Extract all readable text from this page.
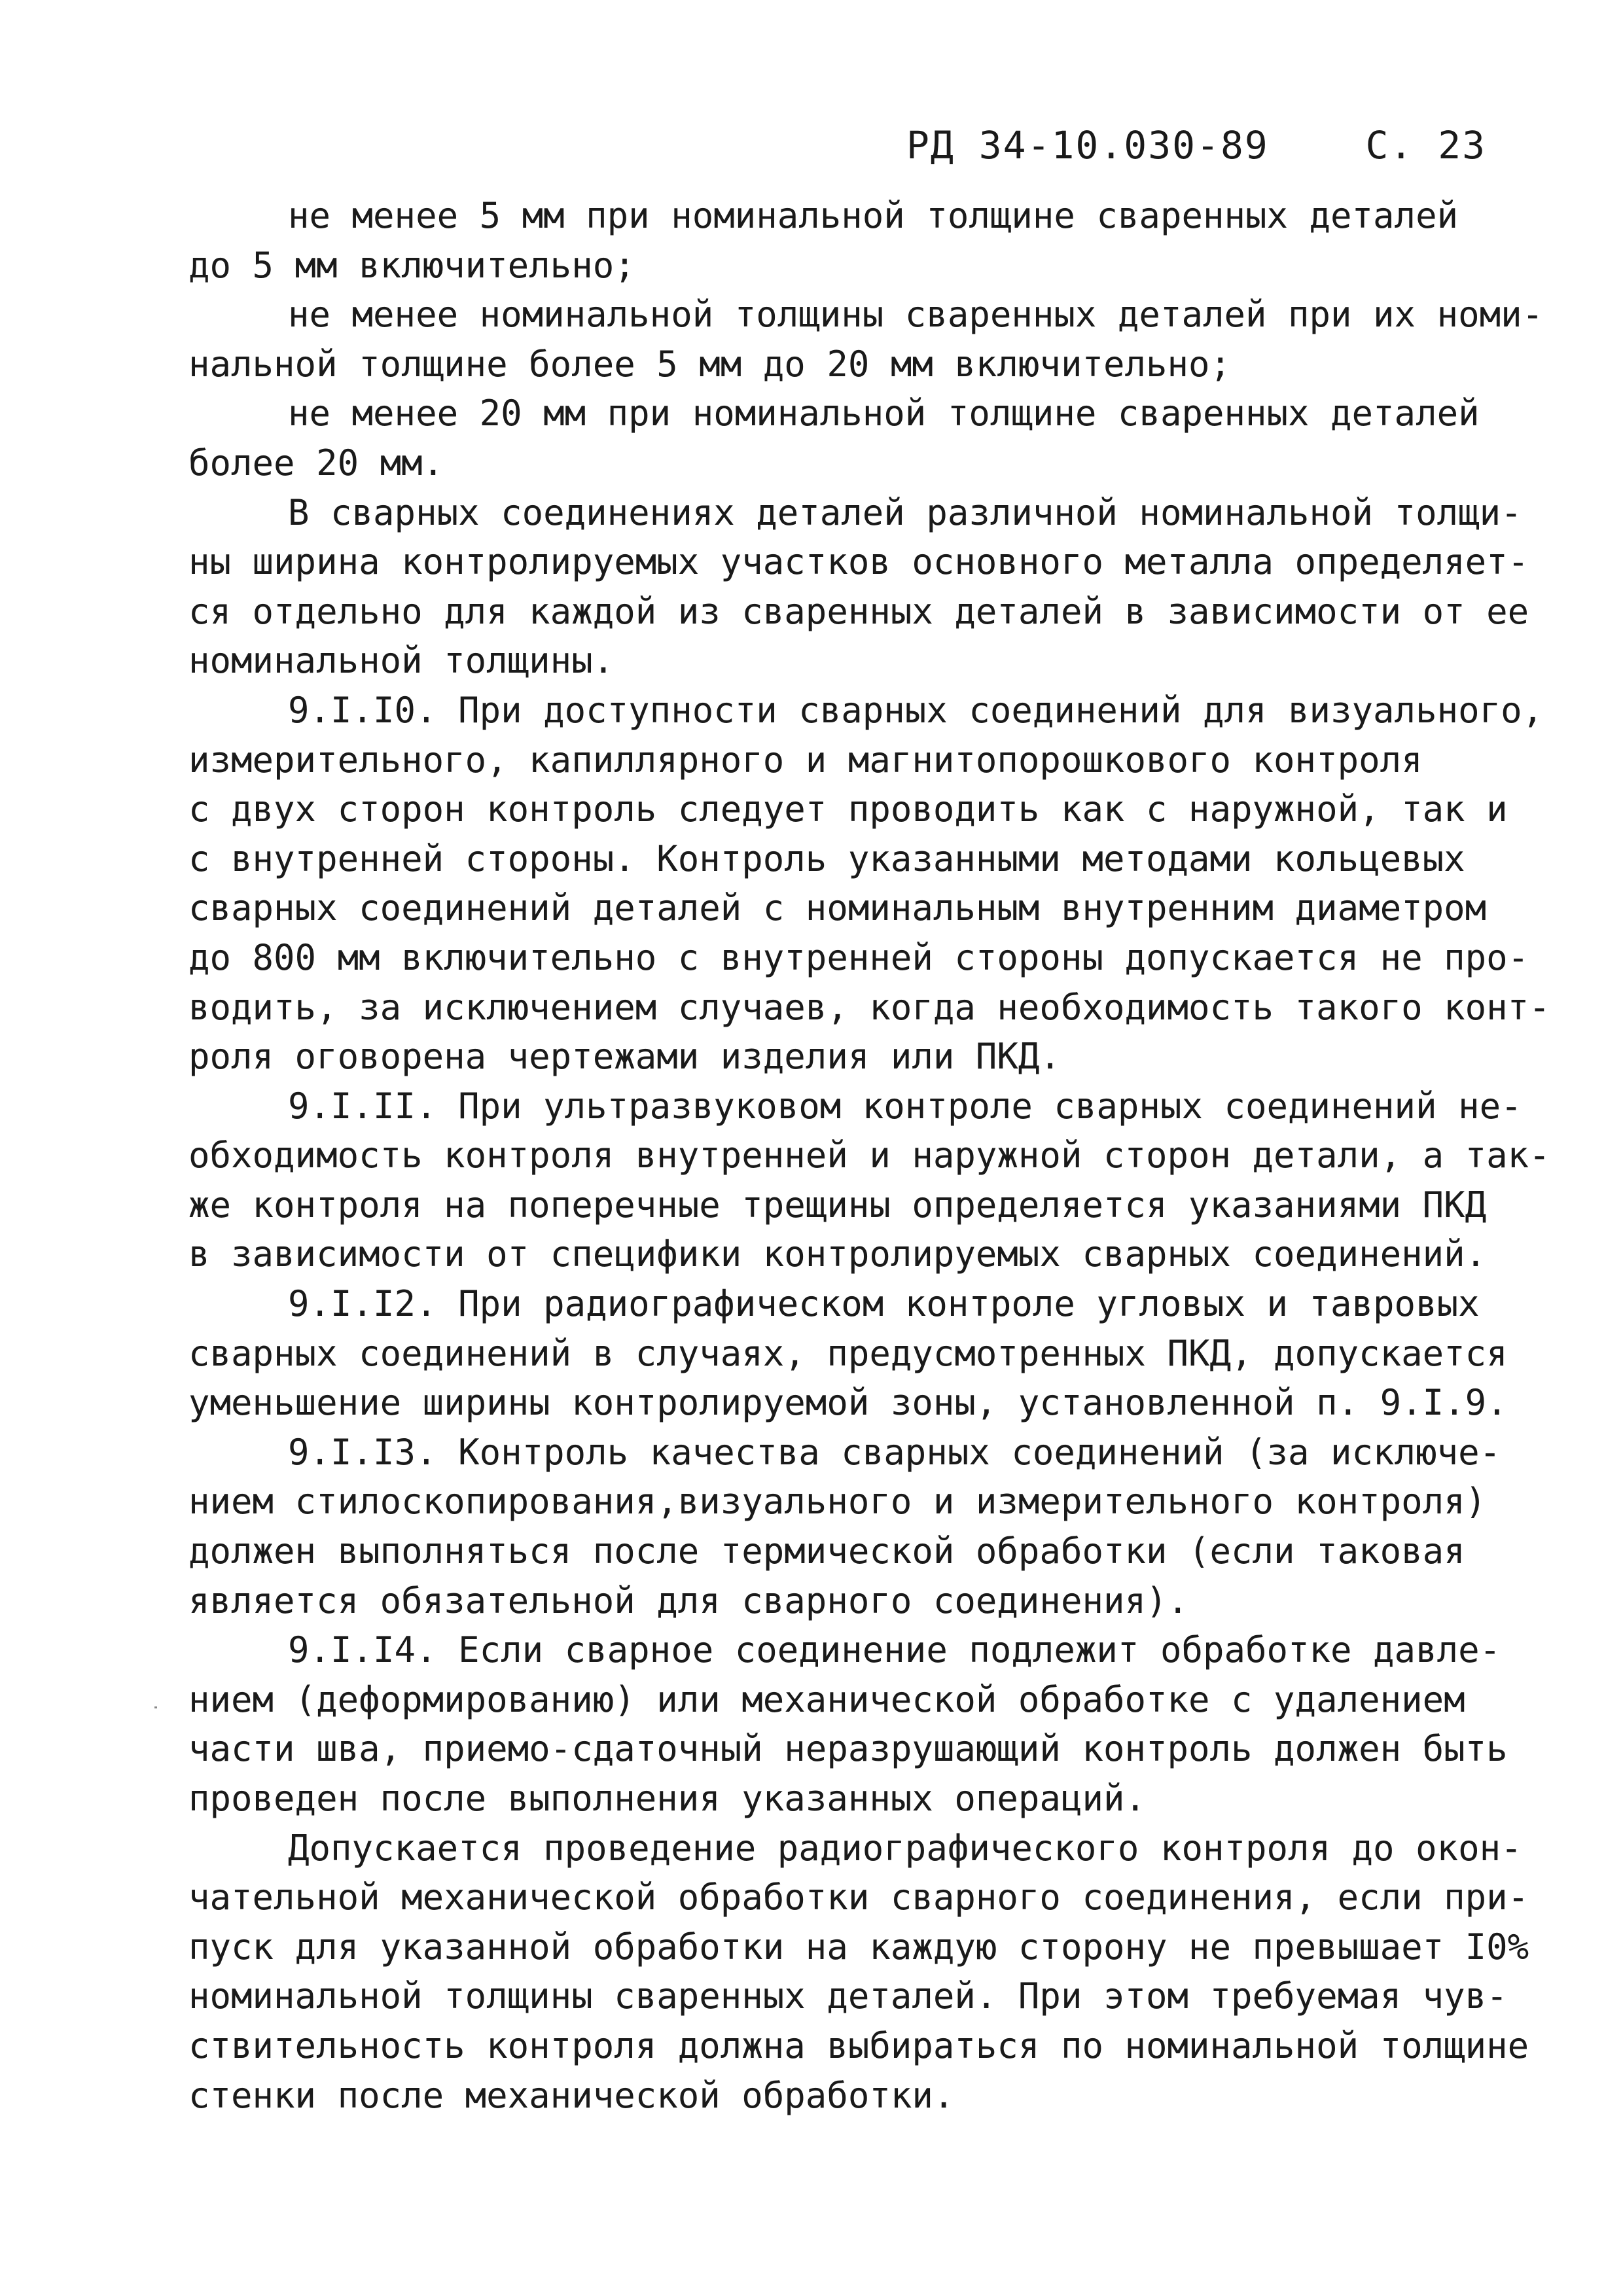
РД 34-10.030-89	С. 23
не менее 5 мм при номинальной толщине сваренных деталей
до 5 мм включительно;
не менее номинальной толщины сваренных деталей при их номи-
нальной толщине более 5 мм до 20 мм включительно;
не менее 20 мм при номинальной толщине сваренных деталей
более 20 мм.
В сварных соединениях деталей различной номинальной толщи-
ны ширина контролируемых участков основного металла определяет-
ся отдельно для каждой из сваренных деталей в зависимости от ее
номинальной толщины.
9.I.I0. При доступности сварных соединений для визуального,
измерительного, капиллярного и магнитопорошкового контроля
с двух сторон контроль следует проводить как с наружной, так и
с внутренней стороны. Контроль указанными методами кольцевых
сварных соединений деталей с номинальным внутренним диаметром
до 800 мм включительно с внутренней стороны допускается не про-
водить, за исключением случаев, когда необходимость такого конт-
роля оговорена чертежами изделия или ПКД.
9.I.II. При ультразвуковом контроле сварных соединений не-
обходимость контроля внутренней и наружной сторон детали, а так-
же контроля на поперечные трещины определяется указаниями ПКД
в зависимости от специфики контролируемых сварных соединений.
9.I.I2. При радиографическом контроле угловых и тавровых
сварных соединений в случаях, предусмотренных ПКД, допускается
уменьшение ширины контролируемой зоны, установленной п. 9.I.9.
9.I.I3. Контроль качества сварных соединений (за исключе-
нием стилоскопирования,визуального и измерительного контроля)
должен выполняться после термической обработки (если таковая
является обязательной для сварного соединения).
9.I.I4. Если сварное соединение подлежит обработке давле-
нием (деформированию) или механической обработке с удалением
части шва, приемо-сдаточный неразрушающий контроль должен быть
проведен после выполнения указанных операций.
Допускается проведение радиографического контроля до окон-
чательной механической обработки сварного соединения, если при-
пуск для указанной обработки на каждую сторону не превышает I0%
номинальной толщины сваренных деталей. При этом требуемая чув-
ствительность контроля должна выбираться по номинальной толщине
стенки после механической обработки.
